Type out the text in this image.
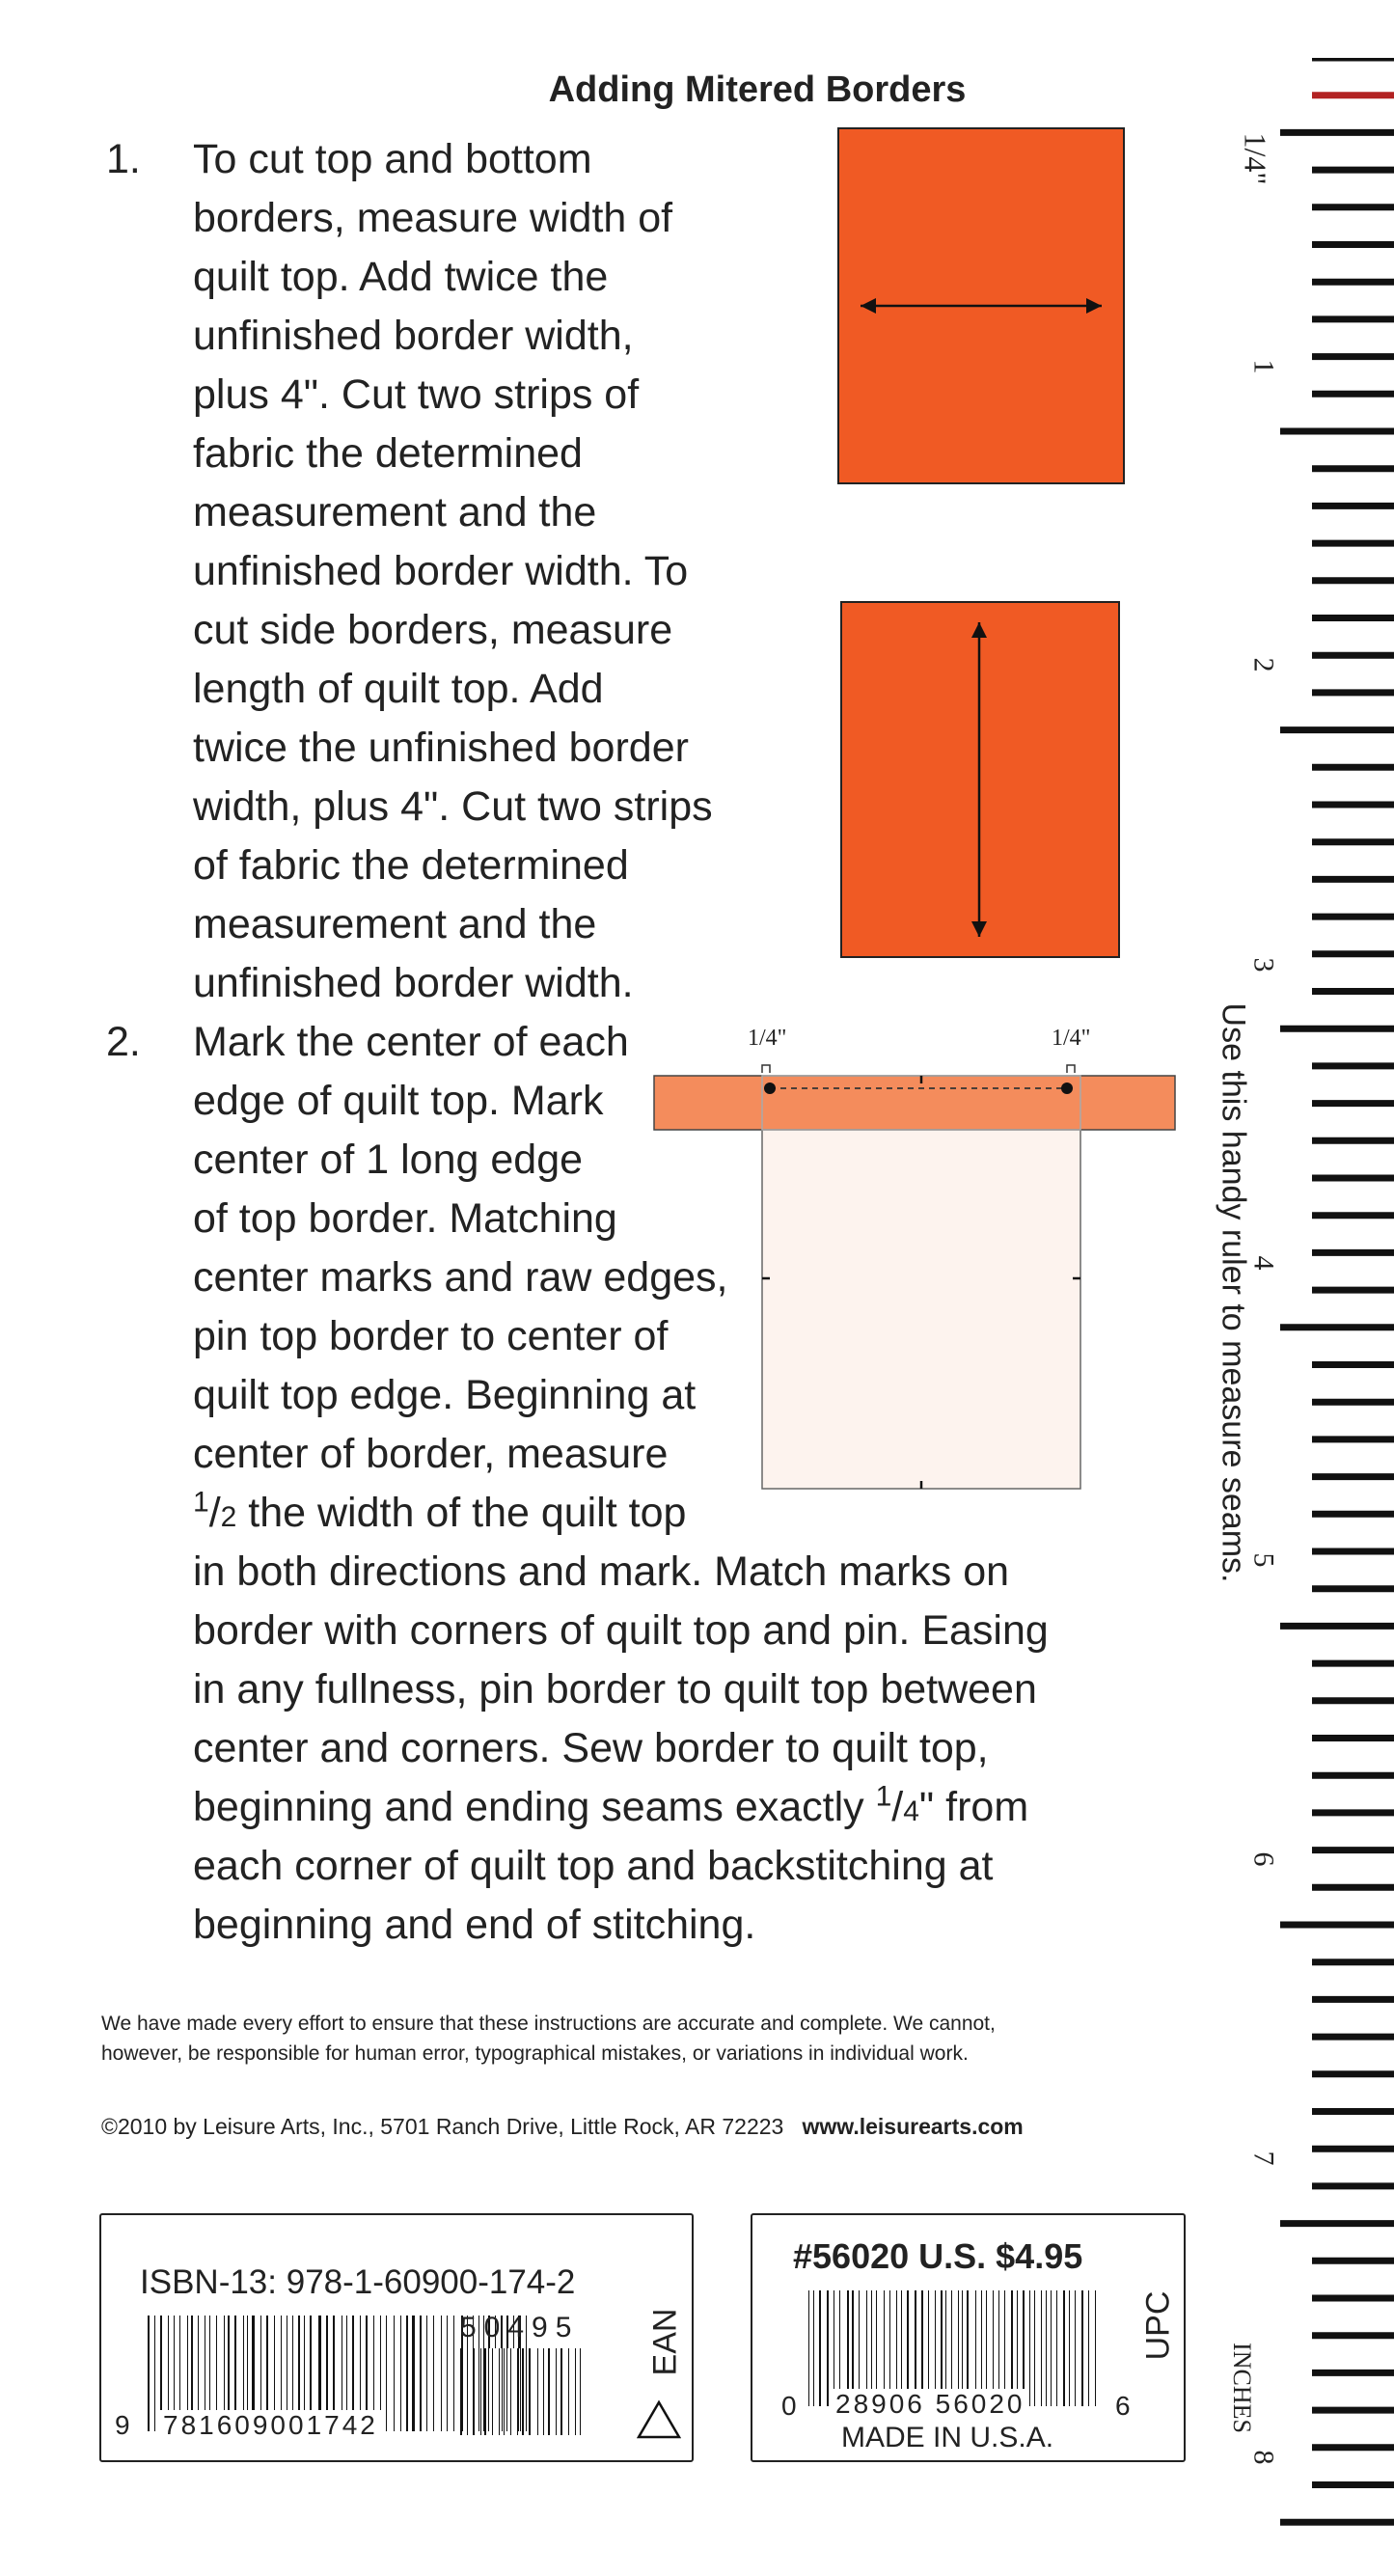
Adding Mitered Borders
1. To cut top and bottom
borders, measure width of
quilt top. Add twice the
unfinished border width,
plus 4". Cut two strips of
fabric the determined
measurement and the
unfinished border width. To
cut side borders, measure
length of quilt top. Add
twice the unfinished border
width, plus 4". Cut two strips
of fabric the determined
measurement and the
unfinished border width.
2. Mark the center of each
edge of quilt top. Mark
center of 1 long edge
of top border. Matching
center marks and raw edges,
pin top border to center of
quilt top edge. Beginning at
center of border, measure
$^1$/2 the width of the quilt top
in both directions and mark. Match marks on
border with corners of quilt top and pin. Easing
in any fullness, pin border to quilt top between
center and corners. Sew border to quilt top,
beginning and ending seams exactly $^1$/4" from
each corner of quilt top and backstitching at
beginning and end of stitching.
1/4"	1/4"	Use this handy ruler to measure seams.
1/4"
1
2
3
4
5
6
7
8
INCHES
We have made every effort to ensure that these instructions are accurate and complete. We cannot,
however, be responsible for human error, typographical mistakes, or variations in individual work.
©2010 by Leisure Arts, Inc., 5701 Ranch Drive, Little Rock, AR 72223 www.leisurearts.com
ISBN-13: 978-1-60900-174-2
9 781609001742
50495 EAN
#56020 U.S. $4.95
0 28906 56020	6
MADE IN U.S.A.
UPC
